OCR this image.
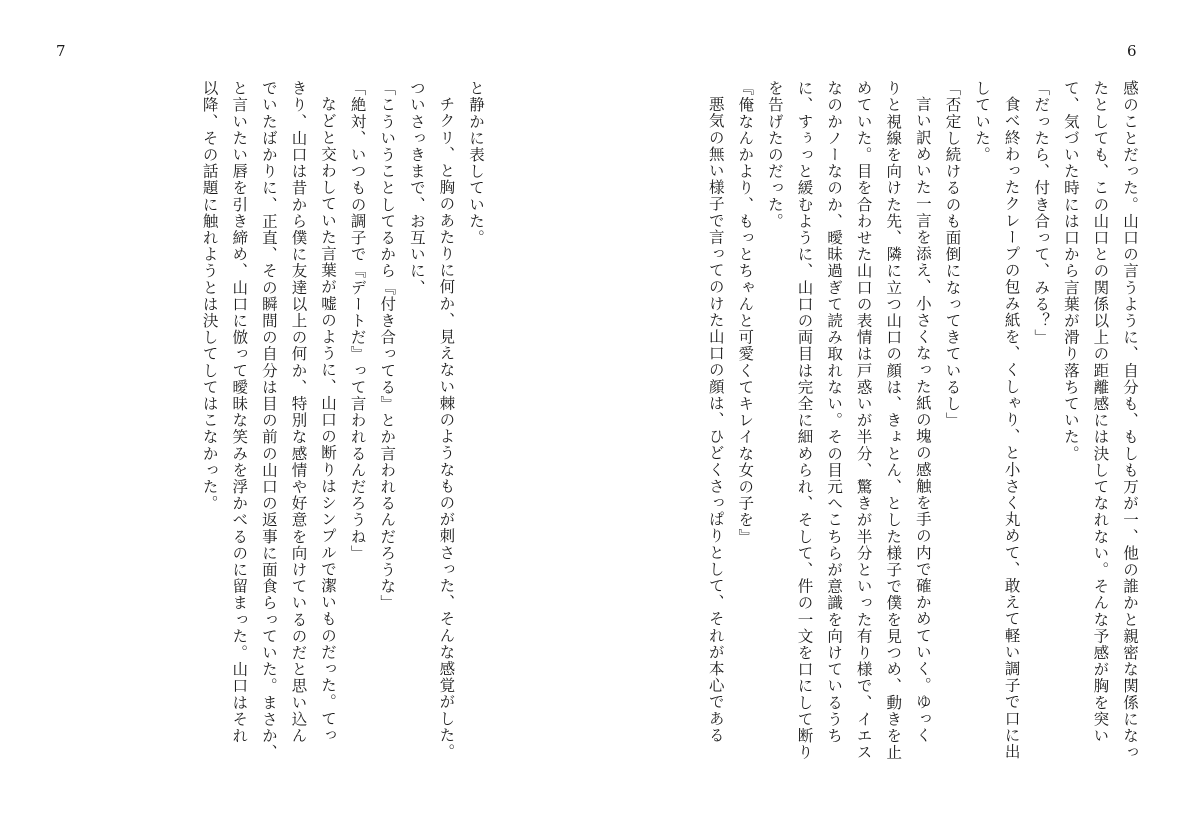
7	6
感のことだった。山口の言うように、自分も、もしも万が一、他の誰かと親密な関係になっ
たとしても、この山口との関係以上の距離感には決してなれない。そんな予感が胸を突い
て、気づいた時には口から言葉が滑り落ちていた。
「だったら、付き合って、みる？」
食べ終わったクレープの包み紙を、くしゃり、と小さく丸めて、敢えて軽い調子で口に出
していた。
「否定し続けるのも面倒になってきているし」
言い訳めいた一言を添え、小さくなった紙の塊の感触を手の内で確かめていく。ゆっく
りと視線を向けた先、隣に立つ山口の顔は、きょとん、とした様子で僕を見つめ、動きを止
めていた。目を合わせた山口の表情は戸惑いが半分、驚きが半分といった有り様で、イエス
なのかノーなのか、曖昧過ぎて読み取れない。その目元へこちらが意識を向けているうち
に、すぅっと緩むように、山口の両目は完全に細められ、そして、件の一文を口にして断り
を告げたのだった。
『俺なんかより、もっとちゃんと可愛くてキレイな女の子を』
悪気の無い様子で言ってのけた山口の顔は、ひどくさっぱりとして、それが本心である
と静かに表していた。
チクリ、と胸のあたりに何か、見えない棘のようなものが刺さった、そんな感覚がした。
ついさっきまで、お互いに、
「こういうことしてるから『付き合ってる』とか言われるんだろうな」
「絶対、いつもの調子で『デートだ』って言われるんだろうね」
などと交わしていた言葉が嘘のように、山口の断りはシンプルで潔いものだった。てっ
きり、山口は昔から僕に友達以上の何か、特別な感情や好意を向けているのだと思い込ん
でいたばかりに、正直、その瞬間の自分は目の前の山口の返事に面食らっていた。まさか、
と言いたい唇を引き締め、山口に倣って曖昧な笑みを浮かべるのに留まった。山口はそれ
以降、その話題に触れようとは決してしてはこなかった。
